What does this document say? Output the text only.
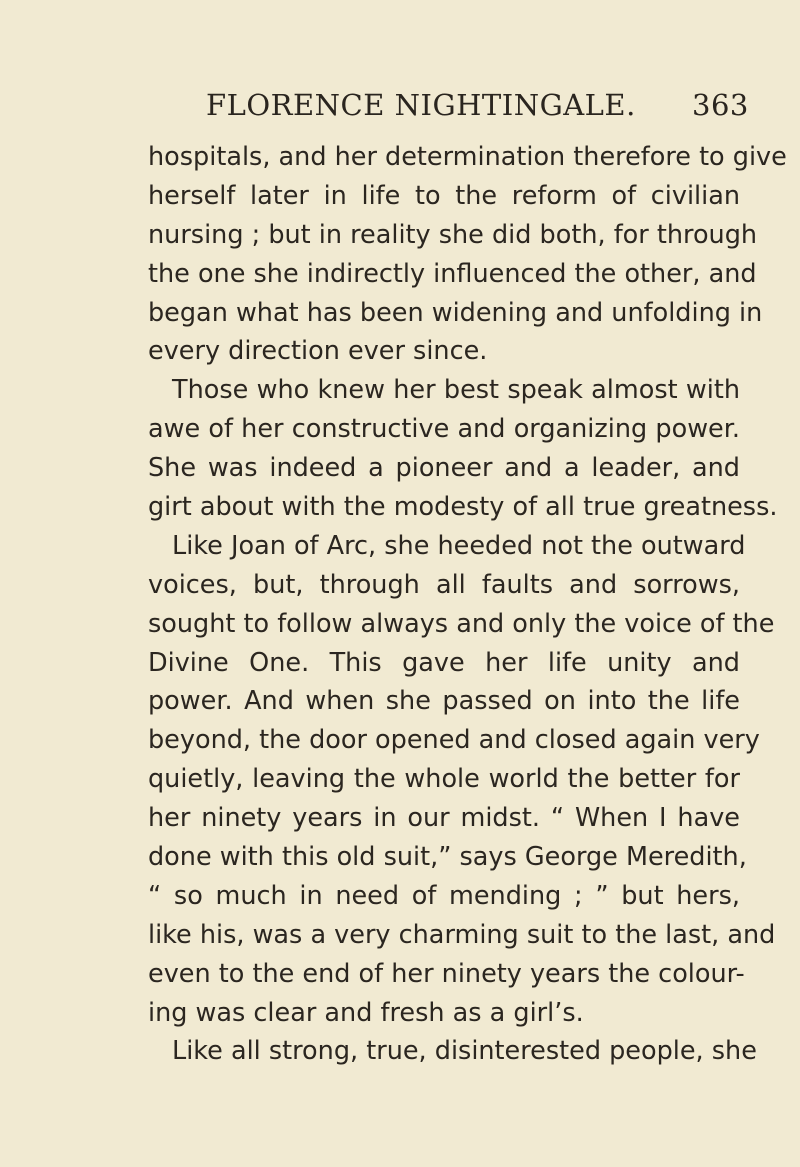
FLORENCE NIGHTINGALE. 363
hospitals, and her determination therefore to give
herself later in life to the reform of civilian
nursing ; but in reality she did both, for through
the one she indirectly influenced the other, and
began what has been widening and unfolding in
every direction ever since.
Those who knew her best speak almost with
awe of her constructive and organizing power.
She was indeed a pioneer and a leader, and
girt about with the modesty of all true greatness.
Like Joan of Arc, she heeded not the outward
voices, but, through all faults and sorrows,
sought to follow always and only the voice of the
Divine One. This gave her life unity and
power. And when she passed on into the life
beyond, the door opened and closed again very
quietly, leaving the whole world the better for
her ninety years in our midst. “ When I have
done with this old suit,” says George Meredith,
“ so much in need of mending ; ” but hers,
like his, was a very charming suit to the last, and
even to the end of her ninety years the colour-
ing was clear and fresh as a girl’s.
Like all strong, true, disinterested people, she
